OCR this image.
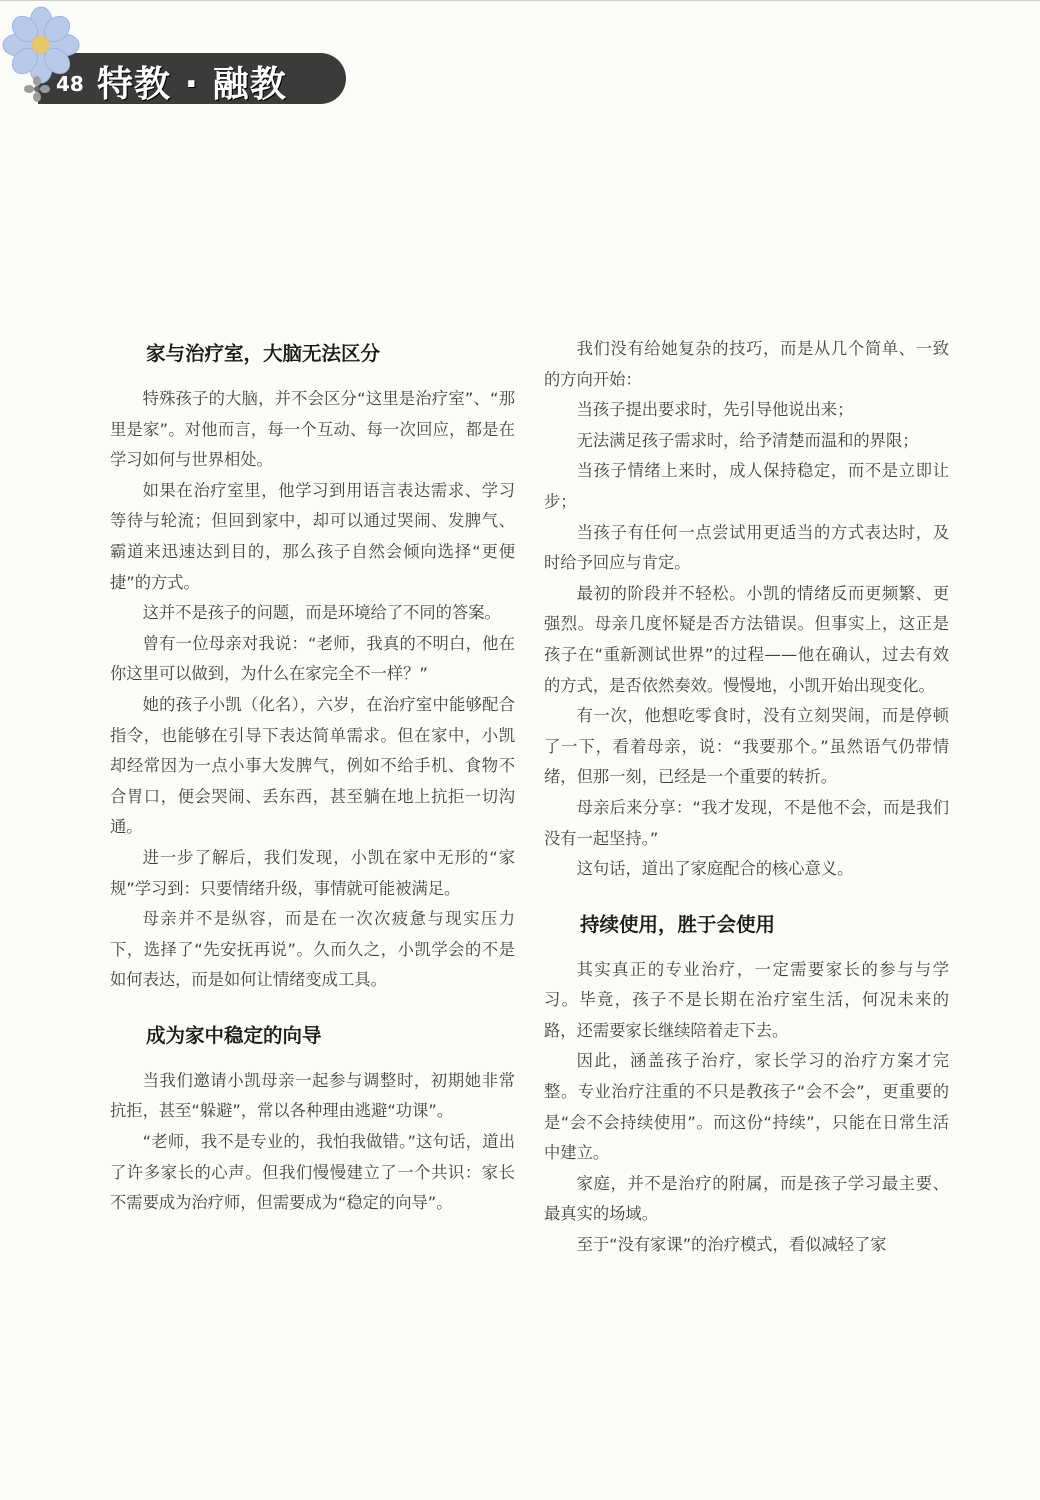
48 特教 · 融教
家与治疗室，大脑无法区分

特殊孩子的大脑，并不会区分“这里是治疗室”、“那里是家”。对他而言，每一个互动、每一次回应，都是在学习如何与世界相处。

如果在治疗室里，他学习到用语言表达需求、学习等待与轮流；但回到家中，却可以通过哭闹、发脾气、霸道来迅速达到目的，那么孩子自然会倾向选择“更便捷”的方式。

这并不是孩子的问题，而是环境给了不同的答案。

曾有一位母亲对我说：“老师，我真的不明白，他在你这里可以做到，为什么在家完全不一样？”

她的孩子小凯（化名），六岁，在治疗室中能够配合指令，也能够在引导下表达简单需求。但在家中，小凯却经常因为一点小事大发脾气，例如不给手机、食物不合胃口，便会哭闹、丢东西，甚至躺在地上抗拒一切沟通。

进一步了解后，我们发现，小凯在家中无形的“家规”学习到：只要情绪升级，事情就可能被满足。

母亲并不是纵容，而是在一次次疲惫与现实压力下，选择了“先安抚再说”。久而久之，小凯学会的不是如何表达，而是如何让情绪变成工具。

成为家中稳定的向导

当我们邀请小凯母亲一起参与调整时，初期她非常抗拒，甚至“躲避”，常以各种理由逃避“功课”。

“老师，我不是专业的，我怕我做错。”这句话，道出了许多家长的心声。但我们慢慢建立了一个共识：家长不需要成为治疗师，但需要成为“稳定的向导”。

我们没有给她复杂的技巧，而是从几个简单、一致的方向开始：

当孩子提出要求时，先引导他说出来；

无法满足孩子需求时，给予清楚而温和的界限；

当孩子情绪上来时，成人保持稳定，而不是立即让步；

当孩子有任何一点尝试用更适当的方式表达时，及时给予回应与肯定。

最初的阶段并不轻松。小凯的情绪反而更频繁、更强烈。母亲几度怀疑是否方法错误。但事实上，这正是孩子在“重新测试世界”的过程——他在确认，过去有效的方式，是否依然奏效。慢慢地，小凯开始出现变化。

有一次，他想吃零食时，没有立刻哭闹，而是停顿了一下，看着母亲，说：“我要那个。”虽然语气仍带情绪，但那一刻，已经是一个重要的转折。

母亲后来分享：“我才发现，不是他不会，而是我们没有一起坚持。”

这句话，道出了家庭配合的核心意义。

持续使用，胜于会使用

其实真正的专业治疗，一定需要家长的参与与学习。毕竟，孩子不是长期在治疗室生活，何况未来的路，还需要家长继续陪着走下去。

因此，涵盖孩子治疗，家长学习的治疗方案才完整。专业治疗注重的不只是教孩子“会不会”，更重要的是“会不会持续使用”。而这份“持续”，只能在日常生活中建立。

家庭，并不是治疗的附属，而是孩子学习最主要、最真实的场域。

至于“没有家课”的治疗模式，看似减轻了家
